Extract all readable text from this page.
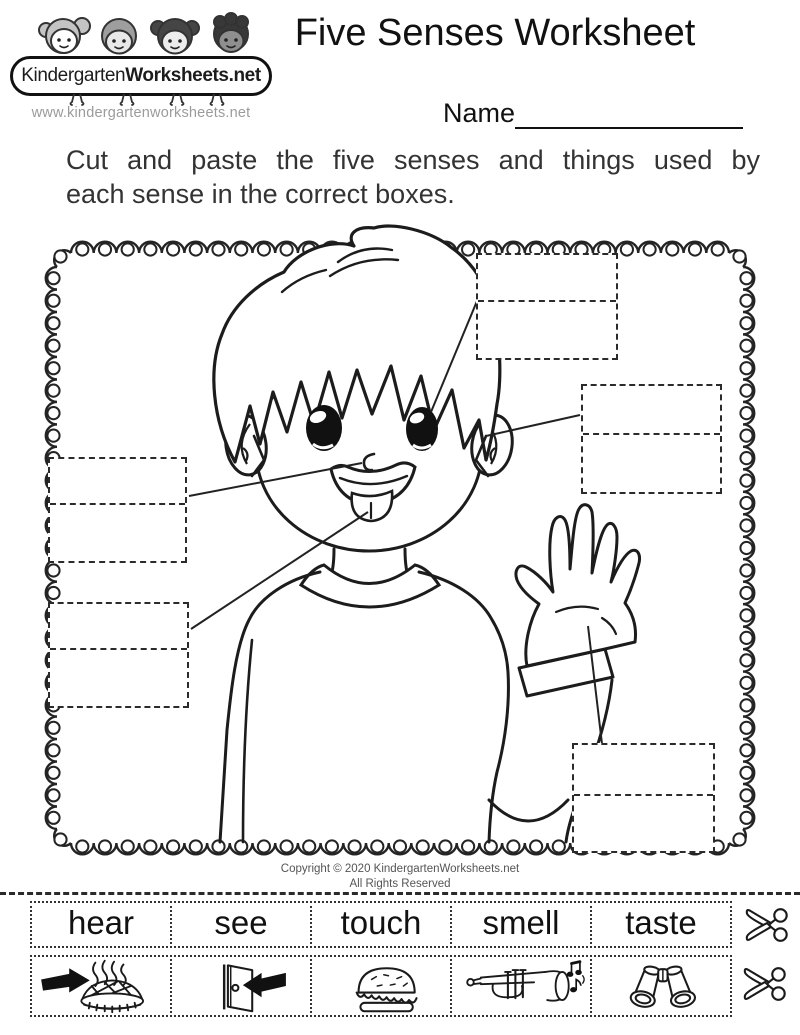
Kindergarten Worksheets.net
www.kindergartenworksheets.net
Five Senses Worksheet
Name
Cut and paste the five senses and things used by
each sense in the correct boxes.
Copyright © 2020 KindergartenWorksheets.net
All Rights Reserved
hear see touch smell taste
